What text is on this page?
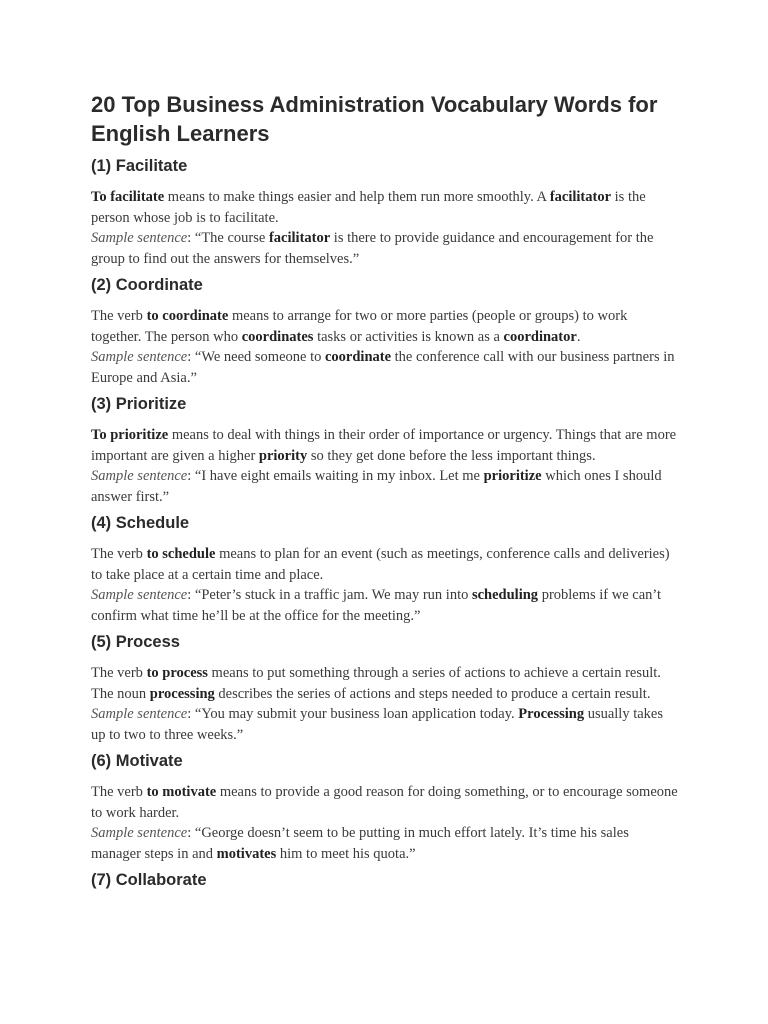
20 Top Business Administration Vocabulary Words for English Learners
(1) Facilitate

To facilitate means to make things easier and help them run more smoothly. A facilitator is the person whose job is to facilitate.

Sample sentence: “The course facilitator is there to provide guidance and encouragement for the group to find out the answers for themselves.”

(2) Coordinate

The verb to coordinate means to arrange for two or more parties (people or groups) to work together. The person who coordinates tasks or activities is known as a coordinator.

Sample sentence: “We need someone to coordinate the conference call with our business partners in Europe and Asia.”

(3) Prioritize

To prioritize means to deal with things in their order of importance or urgency. Things that are more important are given a higher priority so they get done before the less important things.

Sample sentence: “I have eight emails waiting in my inbox. Let me prioritize which ones I should answer first.”

(4) Schedule

The verb to schedule means to plan for an event (such as meetings, conference calls and deliveries) to take place at a certain time and place.

Sample sentence: “Peter’s stuck in a traffic jam. We may run into scheduling problems if we can’t confirm what time he’ll be at the office for the meeting.”

(5) Process

The verb to process means to put something through a series of actions to achieve a certain result. The noun processing describes the series of actions and steps needed to produce a certain result.

Sample sentence: “You may submit your business loan application today. Processing usually takes up to two to three weeks.”

(6) Motivate

The verb to motivate means to provide a good reason for doing something, or to encourage someone to work harder.

Sample sentence: “George doesn’t seem to be putting in much effort lately. It’s time his sales manager steps in and motivates him to meet his quota.”

(7) Collaborate
